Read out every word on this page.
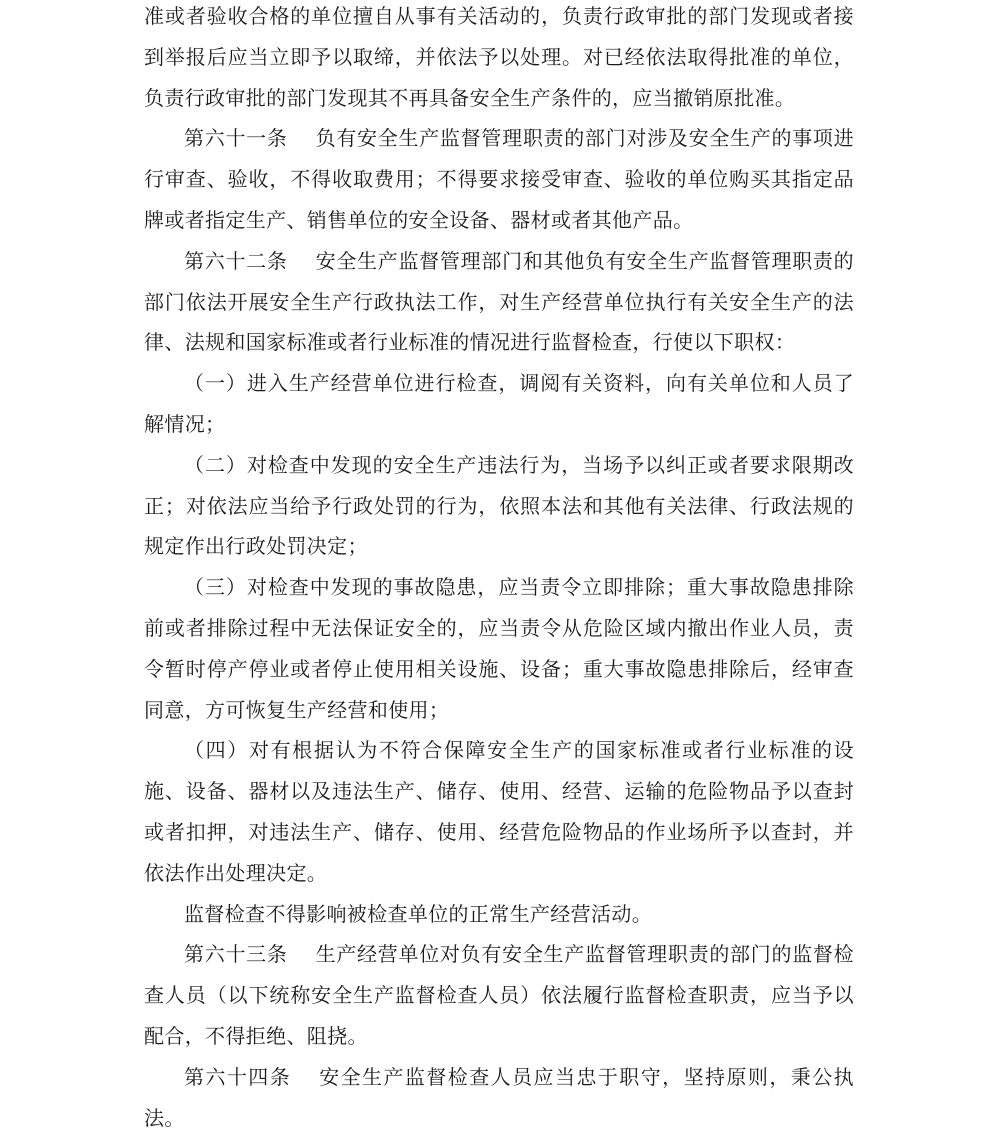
准或者验收合格的单位擅自从事有关活动的，负责行政审批的部门发现或者接到举报后应当立即予以取缔，并依法予以处理。对已经依法取得批准的单位，负责行政审批的部门发现其不再具备安全生产条件的，应当撤销原批准。

第六十一条 负有安全生产监督管理职责的部门对涉及安全生产的事项进行审查、验收，不得收取费用；不得要求接受审查、验收的单位购买其指定品牌或者指定生产、销售单位的安全设备、器材或者其他产品。

第六十二条 安全生产监督管理部门和其他负有安全生产监督管理职责的部门依法开展安全生产行政执法工作，对生产经营单位执行有关安全生产的法律、法规和国家标准或者行业标准的情况进行监督检查，行使以下职权：

（一）进入生产经营单位进行检查，调阅有关资料，向有关单位和人员了解情况；

（二）对检查中发现的安全生产违法行为，当场予以纠正或者要求限期改正；对依法应当给予行政处罚的行为，依照本法和其他有关法律、行政法规的规定作出行政处罚决定；

（三）对检查中发现的事故隐患，应当责令立即排除；重大事故隐患排除前或者排除过程中无法保证安全的，应当责令从危险区域内撤出作业人员，责令暂时停产停业或者停止使用相关设施、设备；重大事故隐患排除后，经审查同意，方可恢复生产经营和使用；

（四）对有根据认为不符合保障安全生产的国家标准或者行业标准的设施、设备、器材以及违法生产、储存、使用、经营、运输的危险物品予以查封或者扣押，对违法生产、储存、使用、经营危险物品的作业场所予以查封，并依法作出处理决定。

监督检查不得影响被检查单位的正常生产经营活动。

第六十三条 生产经营单位对负有安全生产监督管理职责的部门的监督检查人员（以下统称安全生产监督检查人员）依法履行监督检查职责，应当予以配合，不得拒绝、阻挠。

第六十四条 安全生产监督检查人员应当忠于职守，坚持原则，秉公执法。
